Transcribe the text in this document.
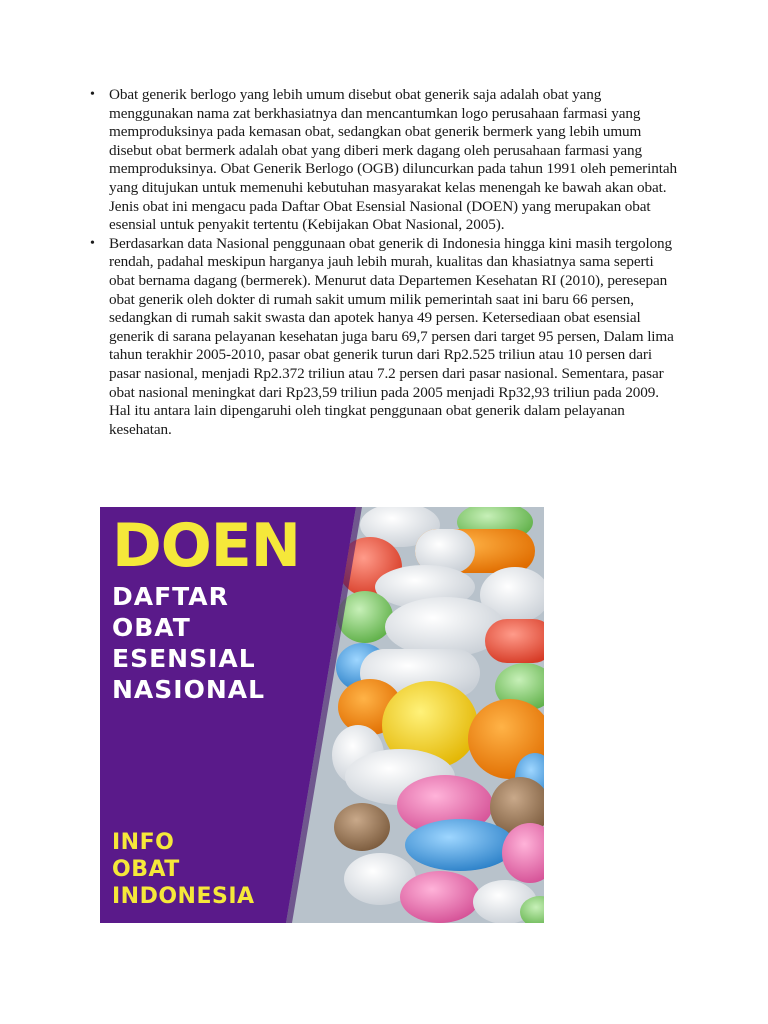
• Obat generik berlogo yang lebih umum disebut obat generik saja adalah obat yang menggunakan nama zat berkhasiatnya dan mencantumkan logo perusahaan farmasi yang memproduksinya pada kemasan obat, sedangkan obat generik bermerk yang lebih umum disebut obat bermerk adalah obat yang diberi merk dagang oleh perusahaan farmasi yang memproduksinya. Obat Generik Berlogo (OGB) diluncurkan pada tahun 1991 oleh pemerintah yang ditujukan untuk memenuhi kebutuhan masyarakat kelas menengah ke bawah akan obat. Jenis obat ini mengacu pada Daftar Obat Esensial Nasional (DOEN) yang merupakan obat esensial untuk penyakit tertentu (Kebijakan Obat Nasional, 2005).
• Berdasarkan data Nasional penggunaan obat generik di Indonesia hingga kini masih tergolong rendah, padahal meskipun harganya jauh lebih murah, kualitas dan khasiatnya sama seperti obat bernama dagang (bermerek). Menurut data Departemen Kesehatan RI (2010), peresepan obat generik oleh dokter di rumah sakit umum milik pemerintah saat ini baru 66 persen, sedangkan di rumah sakit swasta dan apotek hanya 49 persen. Ketersediaan obat esensial generik di sarana pelayanan kesehatan juga baru 69,7 persen dari target 95 persen, Dalam lima tahun terakhir 2005-2010, pasar obat generik turun dari Rp2.525 triliun atau 10 persen dari pasar nasional, menjadi Rp2.372 triliun atau 7.2 persen dari pasar nasional. Sementara, pasar obat nasional meningkat dari Rp23,59 triliun pada 2005 menjadi Rp32,93 triliun pada 2009. Hal itu antara lain dipengaruhi oleh tingkat penggunaan obat generik dalam pelayanan kesehatan.
DOEN
DAFTAR
OBAT
ESENSIAL
NASIONAL
INFO
OBAT
INDONESIA
